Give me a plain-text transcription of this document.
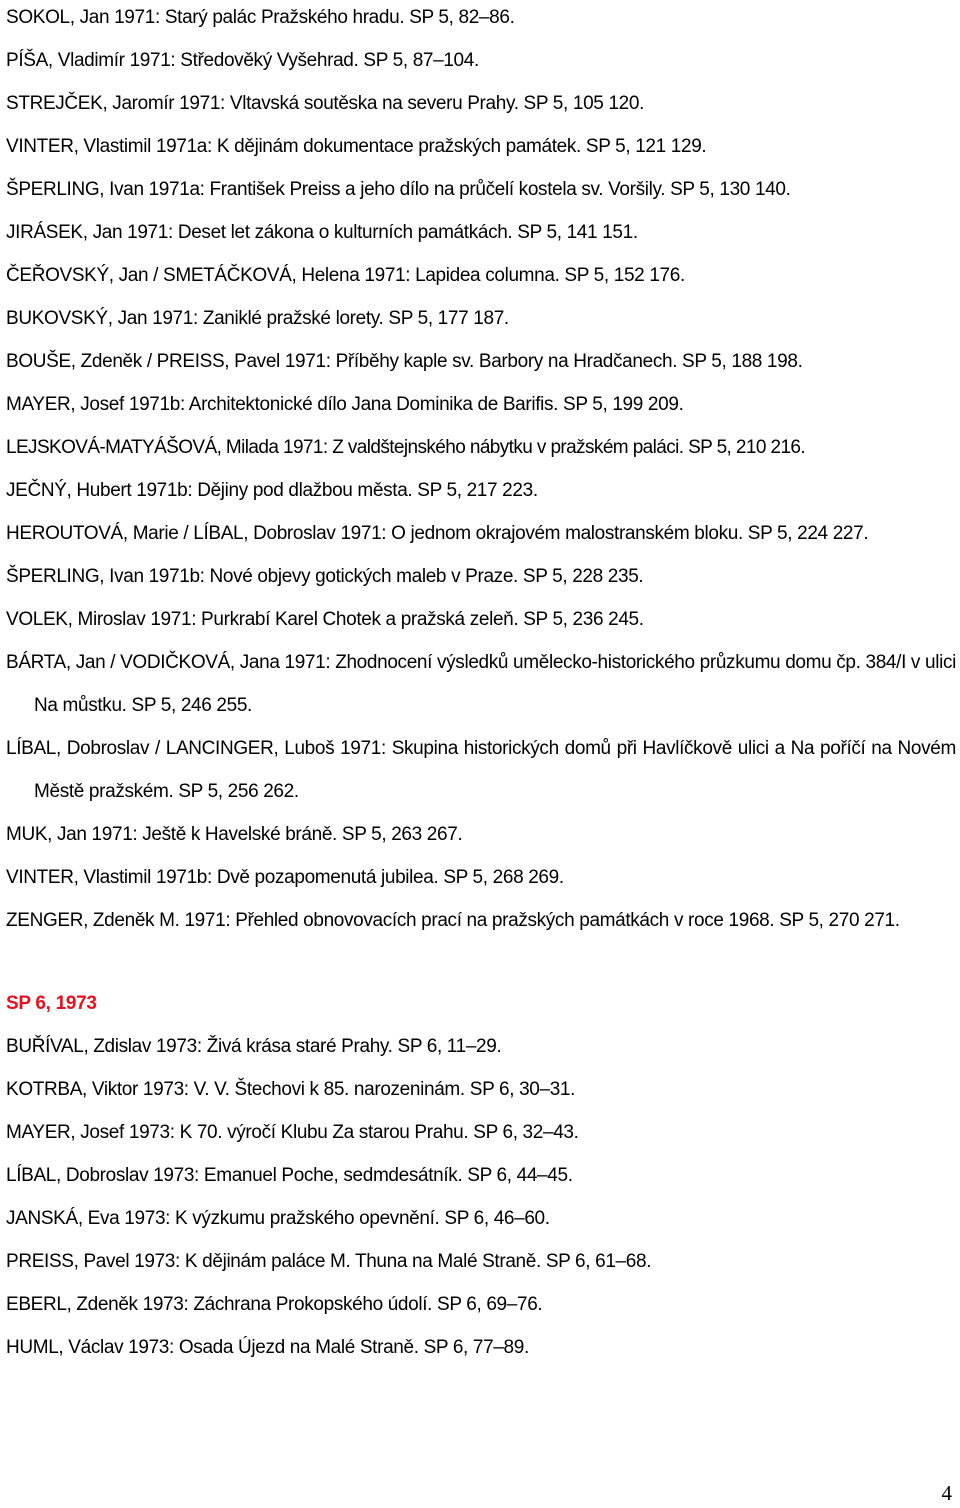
SOKOL, Jan 1971: Starý palác Pražského hradu. SP 5, 82–86.
PÍŠA, Vladimír 1971: Středověký Vyšehrad. SP 5, 87–104.
STREJČEK, Jaromír 1971: Vltavská soutěska na severu Prahy. SP 5, 105 120.
VINTER, Vlastimil 1971a: K dějinám dokumentace pražských památek. SP 5, 121 129.
ŠPERLING, Ivan 1971a: František Preiss a jeho dílo na průčelí kostela sv. Voršily. SP 5, 130 140.
JIRÁSEK, Jan 1971: Deset let zákona o kulturních památkách. SP 5, 141 151.
ČEŘOVSKÝ, Jan / SMETÁČKOVÁ, Helena 1971: Lapidea columna. SP 5, 152 176.
BUKOVSKÝ, Jan 1971: Zaniklé pražské lorety. SP 5, 177 187.
BOUŠE, Zdeněk / PREISS, Pavel 1971: Příběhy kaple sv. Barbory na Hradčanech. SP 5, 188 198.
MAYER, Josef 1971b: Architektonické dílo Jana Dominika de Barifis. SP 5, 199 209.
LEJSKOVÁ-MATYÁŠOVÁ, Milada 1971: Z valdštejnského nábytku v pražském paláci. SP 5, 210 216.
JEČNÝ, Hubert 1971b: Dějiny pod dlažbou města. SP 5, 217 223.
HEROUTOVÁ, Marie / LÍBAL, Dobroslav 1971: O jednom okrajovém malostranském bloku. SP 5, 224 227.
ŠPERLING, Ivan 1971b: Nové objevy gotických maleb v Praze. SP 5, 228 235.
VOLEK, Miroslav 1971: Purkrabí Karel Chotek a pražská zeleň. SP 5, 236 245.
BÁRTA, Jan / VODIČKOVÁ, Jana 1971: Zhodnocení výsledků umělecko-historického průzkumu domu čp. 384/I v ulici Na můstku. SP 5, 246 255.
LÍBAL, Dobroslav / LANCINGER, Luboš 1971: Skupina historických domů při Havlíčkově ulici a Na poříčí na Novém Městě pražském. SP 5, 256 262.
MUK, Jan 1971: Ještě k Havelské bráně. SP 5, 263 267.
VINTER, Vlastimil 1971b: Dvě pozapomenutá jubilea. SP 5, 268 269.
ZENGER, Zdeněk M. 1971: Přehled obnovovacích prací na pražských památkách v roce 1968. SP 5, 270 271.
SP 6, 1973
BUŘÍVAL, Zdislav 1973: Živá krása staré Prahy. SP 6, 11–29.
KOTRBA, Viktor 1973: V. V. Štechovi k 85. narozeninám. SP 6, 30–31.
MAYER, Josef 1973: K 70. výročí Klubu Za starou Prahu. SP 6, 32–43.
LÍBAL, Dobroslav 1973: Emanuel Poche, sedmdesátník. SP 6, 44–45.
JANSKÁ, Eva 1973: K výzkumu pražského opevnění. SP 6, 46–60.
PREISS, Pavel 1973: K dějinám paláce M. Thuna na Malé Straně. SP 6, 61–68.
EBERL, Zdeněk 1973: Záchrana Prokopského údolí. SP 6, 69–76.
HUML, Václav 1973: Osada Újezd na Malé Straně. SP 6, 77–89.
4
